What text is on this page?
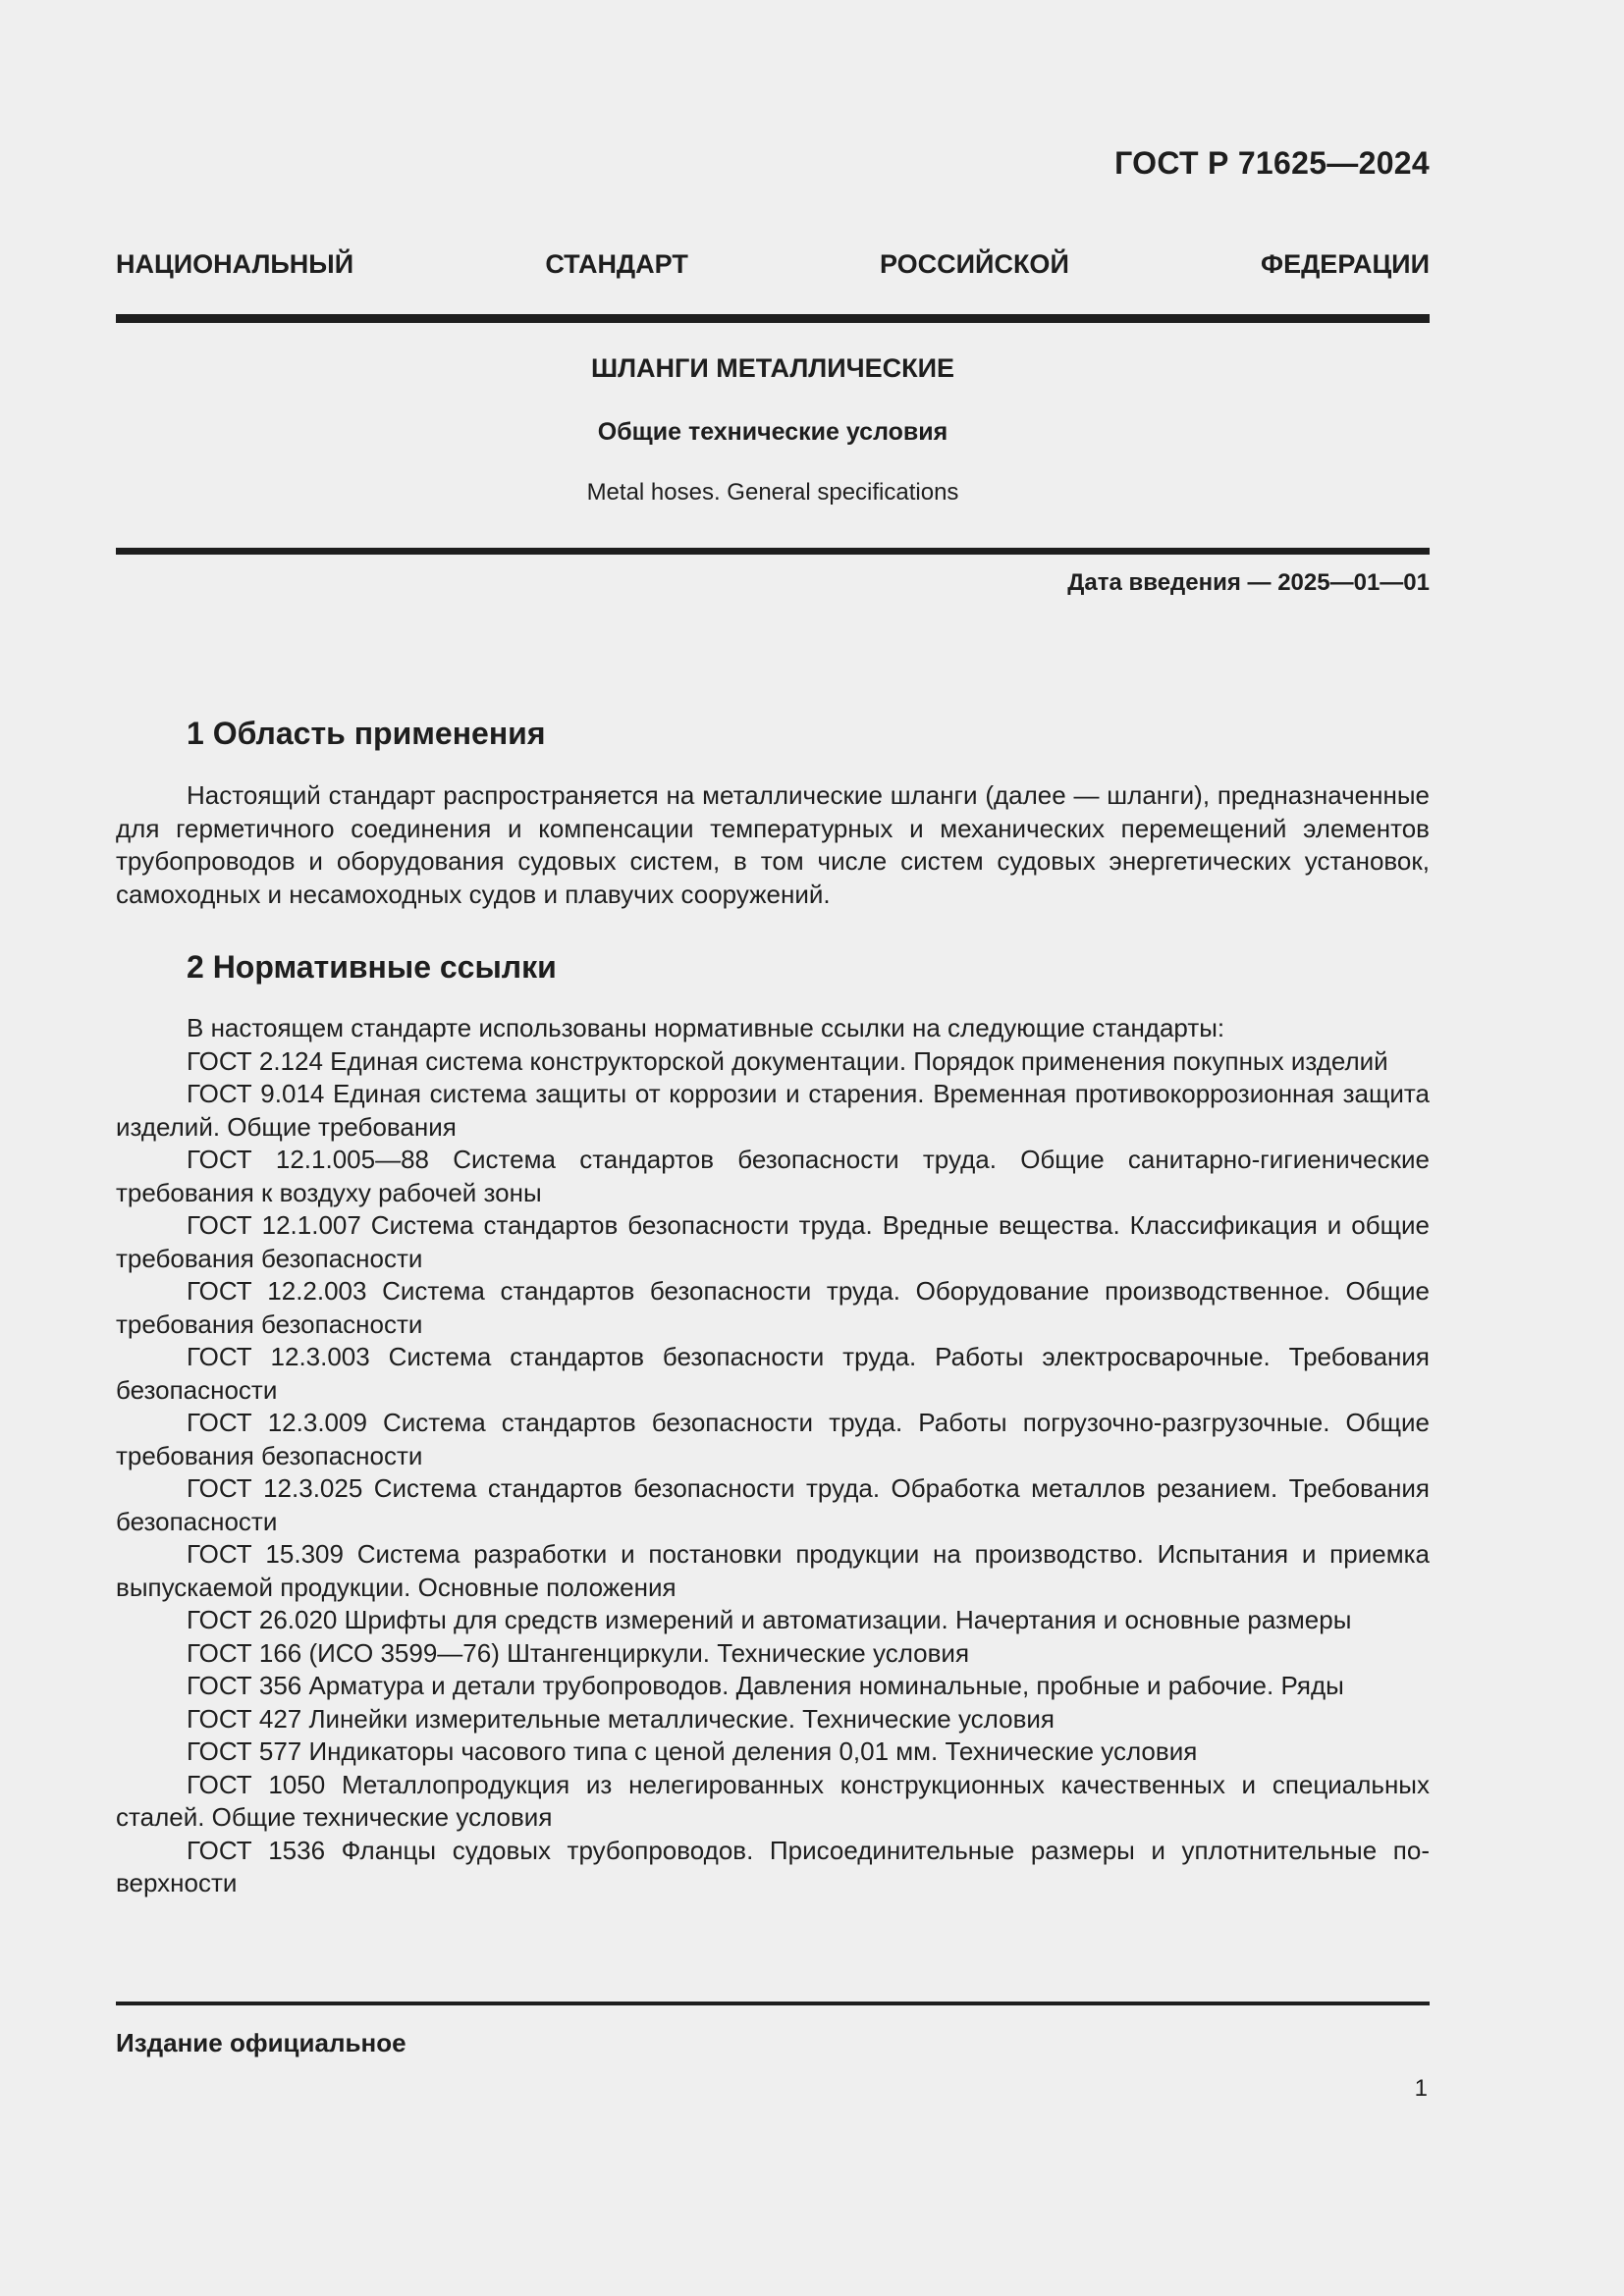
ГОСТ Р 71625—2024
НАЦИОНАЛЬНЫЙ СТАНДАРТ РОССИЙСКОЙ ФЕДЕРАЦИИ
ШЛАНГИ МЕТАЛЛИЧЕСКИЕ
Общие технические условия
Metal hoses. General specifications
Дата введения — 2025—01—01
1 Область применения

Настоящий стандарт распространяется на металлические шланги (далее — шланги), предназначенные для герметичного соединения и компенсации температурных и механических перемещений элементов трубопроводов и оборудования судовых систем, в том числе систем судовых энергетических установок, самоходных и несамоходных судов и плавучих сооружений.

2 Нормативные ссылки

В настоящем стандарте использованы нормативные ссылки на следующие стандарты:

ГОСТ 2.124 Единая система конструкторской документации. Порядок применения покупных изделий

ГОСТ 9.014 Единая система защиты от коррозии и старения. Временная противокоррозионная защита изделий. Общие требования

ГОСТ 12.1.005—88 Система стандартов безопасности труда. Общие санитарно-гигиенические требования к воздуху рабочей зоны

ГОСТ 12.1.007 Система стандартов безопасности труда. Вредные вещества. Классификация и общие требования безопасности

ГОСТ 12.2.003 Система стандартов безопасности труда. Оборудование производственное. Общие требования безопасности

ГОСТ 12.3.003 Система стандартов безопасности труда. Работы электросварочные. Требования безопасности

ГОСТ 12.3.009 Система стандартов безопасности труда. Работы погрузочно-разгрузочные. Общие требования безопасности

ГОСТ 12.3.025 Система стандартов безопасности труда. Обработка металлов резанием. Требования безопасности

ГОСТ 15.309 Система разработки и постановки продукции на производство. Испытания и приемка выпускаемой продукции. Основные положения

ГОСТ 26.020 Шрифты для средств измерений и автоматизации. Начертания и основные размеры

ГОСТ 166 (ИСО 3599—76) Штангенциркули. Технические условия

ГОСТ 356 Арматура и детали трубопроводов. Давления номинальные, пробные и рабочие. Ряды

ГОСТ 427 Линейки измерительные металлические. Технические условия

ГОСТ 577 Индикаторы часового типа с ценой деления 0,01 мм. Технические условия

ГОСТ 1050 Металлопродукция из нелегированных конструкционных качественных и специальных сталей. Общие технические условия

ГОСТ 1536 Фланцы судовых трубопроводов. Присоединительные размеры и уплотнительные поверхности

Издание официальное
1
